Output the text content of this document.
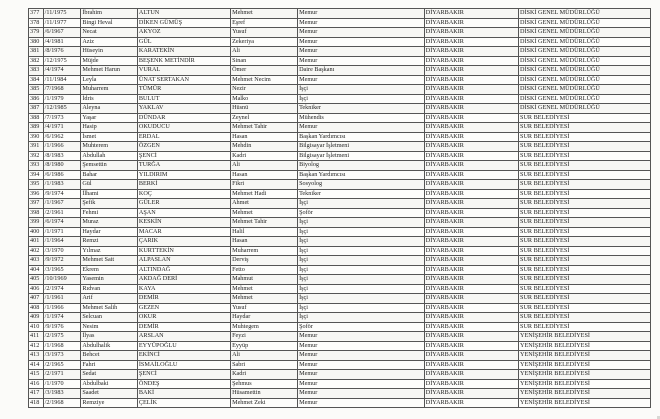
377	/11/1975	İbrahim	ALTUN	Mehmet	Memur	DİYARBAKIR	DİSKİ GENEL MÜDÜRLÜĞÜ
378	/11/1977	Bingi Heval	DİKEN GÜMÜŞ	Eşref	Memur	DİYARBAKIR	DİSKİ GENEL MÜDÜRLÜĞÜ
379	/6/1967	Necat	AKYOZ	Yusuf	Memur	DİYARBAKIR	DİSKİ GENEL MÜDÜRLÜĞÜ
380	/4/1981	Aziz	GÜL	Zekeriya	Memur	DİYARBAKIR	DİSKİ GENEL MÜDÜRLÜĞÜ
381	/8/1976	Hüseyin	KARATEKİN	Ali	Memur	DİYARBAKIR	DİSKİ GENEL MÜDÜRLÜĞÜ
382	/12/1975	Müjde	BEŞENK METİNDİR	Sinan	Memur	DİYARBAKIR	DİSKİ GENEL MÜDÜRLÜĞÜ
383	/4/1974	Mehmet Harun	VURAL	Ömer	Daire Başkanı	DİYARBAKIR	DİSKİ GENEL MÜDÜRLÜĞÜ
384	/11/1984	Leyla	ÜNAT SERTAKAN	Mehmet Necim	Memur	DİYARBAKIR	DİSKİ GENEL MÜDÜRLÜĞÜ
385	/7/1968	Muharrem	TÜMÜR	Nezir	İşçi	DİYARBAKIR	DİSKİ GENEL MÜDÜRLÜĞÜ
386	/1/1979	İdris	BULUT	Malko	İşçi	DİYARBAKIR	DİSKİ GENEL MÜDÜRLÜĞÜ
387	/12/1985	Aleyna	YAKLAV	Hüsnü	Tekniker	DİYARBAKIR	DİSKİ GENEL MÜDÜRLÜĞÜ
388	/7/1973	Yaşar	DÜNDAR	Zeynel	Mühendis	DİYARBAKIR	SUR BELEDİYESİ
389	/4/1971	Hasip	OKUDUCU	Mehmet Tahir	Memur	DİYARBAKIR	SUR BELEDİYESİ
390	/6/1962	İsmet	ERDAL	Hasan	Başkan Yardımcısı	DİYARBAKIR	SUR BELEDİYESİ
391	/1/1966	Muhterem	ÖZGEN	Mehdin	Bilgisayar İşletmeni	DİYARBAKIR	SUR BELEDİYESİ
392	/8/1983	Abdullah	ŞENCİ	Kadri	Bilgisayar İşletmeni	DİYARBAKIR	SUR BELEDİYESİ
393	/8/1980	Şemsettin	TURĞA	Ali	Biyolog	DİYARBAKIR	SUR BELEDİYESİ
394	/6/1986	Bahar	YILDIRIM	Hasan	Başkan Yardımcısı	DİYARBAKIR	SUR BELEDİYESİ
395	/1/1983	Gül	BERKİ	Fikri	Sosyolog	DİYARBAKIR	SUR BELEDİYESİ
396	/9/1974	İlhami	KOÇ	Mehmet Hadi	Tekniker	DİYARBAKIR	SUR BELEDİYESİ
397	/1/1967	Şefik	GÜLER	Ahmet	İşçi	DİYARBAKIR	SUR BELEDİYESİ
398	/2/1961	Fehmi	AŞAN	Mehmet	Şoför	DİYARBAKIR	SUR BELEDİYESİ
399	/6/1974	Muraz	KESKİN	Mehmet Tahir	İşçi	DİYARBAKIR	SUR BELEDİYESİ
400	/1/1971	Haydar	MACAR	Halil	İşçi	DİYARBAKIR	SUR BELEDİYESİ
401	/1/1964	Remzi	ÇARIK	Hasan	İşçi	DİYARBAKIR	SUR BELEDİYESİ
402	/3/1970	Yılmaz	KURTTEKİN	Muharrem	İşçi	DİYARBAKIR	SUR BELEDİYESİ
403	/9/1972	Mehmet Sait	ALPASLAN	Derviş	İşçi	DİYARBAKIR	SUR BELEDİYESİ
404	/3/1965	Ekrem	ALTINDAĞ	Fetto	İşçi	DİYARBAKIR	SUR BELEDİYESİ
405	/10/1969	Yasemin	AKDAĞ DERİ	Mahmut	İşçi	DİYARBAKIR	SUR BELEDİYESİ
406	/2/1974	Rıdvan	KAYA	Mehmet	İşçi	DİYARBAKIR	SUR BELEDİYESİ
407	/1/1961	Arif	DEMİR	Mehmet	İşçi	DİYARBAKIR	SUR BELEDİYESİ
408	/1/1966	Mehmet Salih	GEZEN	Yusuf	İşçi	DİYARBAKIR	SUR BELEDİYESİ
409	/1/1974	Selcuan	OKUR	Haydar	İşçi	DİYARBAKIR	SUR BELEDİYESİ
410	/9/1976	Nesim	DEMİR	Muhtegem	Şoför	DİYARBAKIR	SUR BELEDİYESİ
411	/2/1975	İlyas	ARSLAN	Feyzi	Memur	DİYARBAKIR	YENİŞEHİR BELEDİYESİ
412	/1/1968	Abdulhalik	EYYÜPOĞLU	Eyyüp	Memur	DİYARBAKIR	YENİŞEHİR BELEDİYESİ
413	/3/1973	Behcet	EKİNCİ	Ali	Memur	DİYARBAKIR	YENİŞEHİR BELEDİYESİ
414	/2/1965	Fahri	İSMAİLOĞLU	Sabri	Memur	DİYARBAKIR	YENİŞEHİR BELEDİYESİ
415	/2/1971	Sedat	ŞENCİ	Kadri	Memur	DİYARBAKIR	YENİŞEHİR BELEDİYESİ
416	/1/1970	Abdulbaki	ÖNDEŞ	Şehmus	Memur	DİYARBAKIR	YENİŞEHİR BELEDİYESİ
417	/3/1983	Saadet	BAKİ	Hüsamettin	Memur	DİYARBAKIR	YENİŞEHİR BELEDİYESİ
418	/2/1968	Remziye	ÇELİK	Mehmet Zeki	Memur	DİYARBAKIR	YENİŞEHİR BELEDİYESİ
